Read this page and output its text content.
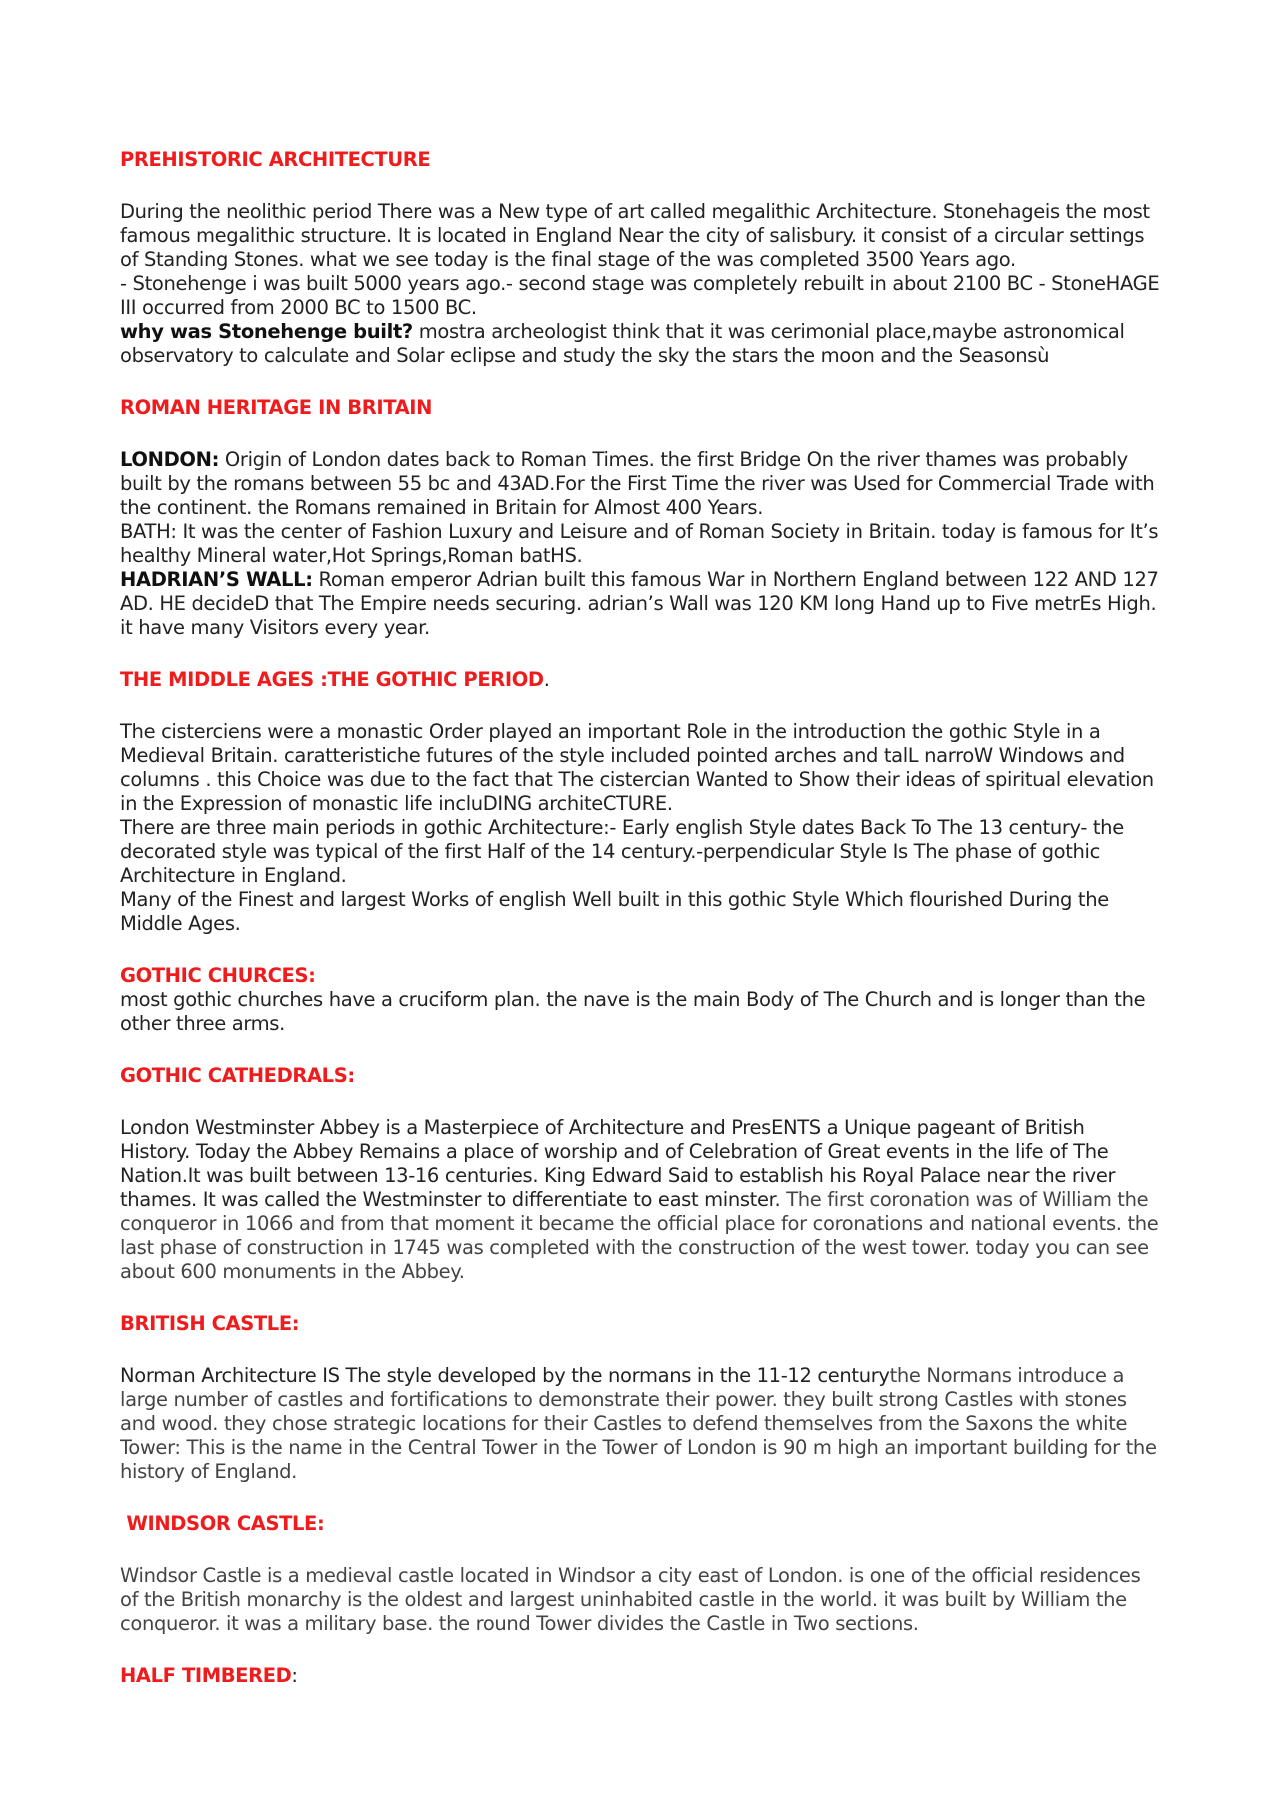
PREHISTORIC ARCHITECTURE

During the neolithic period There was a New type of art called megalithic Architecture. Stonehageis the most famous megalithic structure. It is located in England Near the city of salisbury. it consist of a circular settings of Standing Stones. what we see today is the final stage of the was completed 3500 Years ago.

- Stonehenge i was built 5000 years ago.- second stage was completely rebuilt in about 2100 BC - StoneHAGE III occurred from 2000 BC to 1500 BC.

why was Stonehenge built? mostra archeologist think that it was cerimonial place,maybe astronomical observatory to calculate and Solar eclipse and study the sky the stars the moon and the Seasonsù

ROMAN HERITAGE IN BRITAIN

LONDON: Origin of London dates back to Roman Times. the first Bridge On the river thames was probably built by the romans between 55 bc and 43AD.For the First Time the river was Used for Commercial Trade with the continent. the Romans remained in Britain for Almost 400 Years.

BATH: It was the center of Fashion Luxury and Leisure and of Roman Society in Britain. today is famous for It’s healthy Mineral water,Hot Springs,Roman batHS.

HADRIAN’S WALL: Roman emperor Adrian built this famous War in Northern England between 122 AND 127 AD. HE decideD that The Empire needs securing. adrian’s Wall was 120 KM long Hand up to Five metrEs High. it have many Visitors every year.

THE MIDDLE AGES :THE GOTHIC PERIOD.

The cisterciens were a monastic Order played an important Role in the introduction the gothic Style in a Medieval Britain. caratteristiche futures of the style included pointed arches and talL narroW Windows and columns . this Choice was due to the fact that The cistercian Wanted to Show their ideas of spiritual elevation in the Expression of monastic life incluDING architeCTURE.

There are three main periods in gothic Architecture:- Early english Style dates Back To The 13 century- the decorated style was typical of the first Half of the 14 century.-perpendicular Style Is The phase of gothic Architecture in England.

Many of the Finest and largest Works of english Well built in this gothic Style Which flourished During the Middle Ages.

GOTHIC CHURCES:

most gothic churches have a cruciform plan. the nave is the main Body of The Church and is longer than the other three arms.

GOTHIC CATHEDRALS:

London Westminster Abbey is a Masterpiece of Architecture and PresENTS a Unique pageant of British History. Today the Abbey Remains a place of worship and of Celebration of Great events in the life of The Nation.It was built between 13-16 centuries. King Edward Said to establish his Royal Palace near the river thames. It was called the Westminster to differentiate to east minster. The first coronation was of William the conqueror in 1066 and from that moment it became the official place for coronations and national events. the last phase of construction in 1745 was completed with the construction of the west tower. today you can see about 600 monuments in the Abbey.

BRITISH CASTLE:

Norman Architecture IS The style developed by the normans in the 11-12 centurythe Normans introduce a large number of castles and fortifications to demonstrate their power. they built strong Castles with stones and wood. they chose strategic locations for their Castles to defend themselves from the Saxons the white Tower: This is the name in the Central Tower in the Tower of London is 90 m high an important building for the history of England.

WINDSOR CASTLE:

Windsor Castle is a medieval castle located in Windsor a city east of London. is one of the official residences of the British monarchy is the oldest and largest uninhabited castle in the world. it was built by William the conqueror. it was a military base. the round Tower divides the Castle in Two sections.

HALF TIMBERED:
